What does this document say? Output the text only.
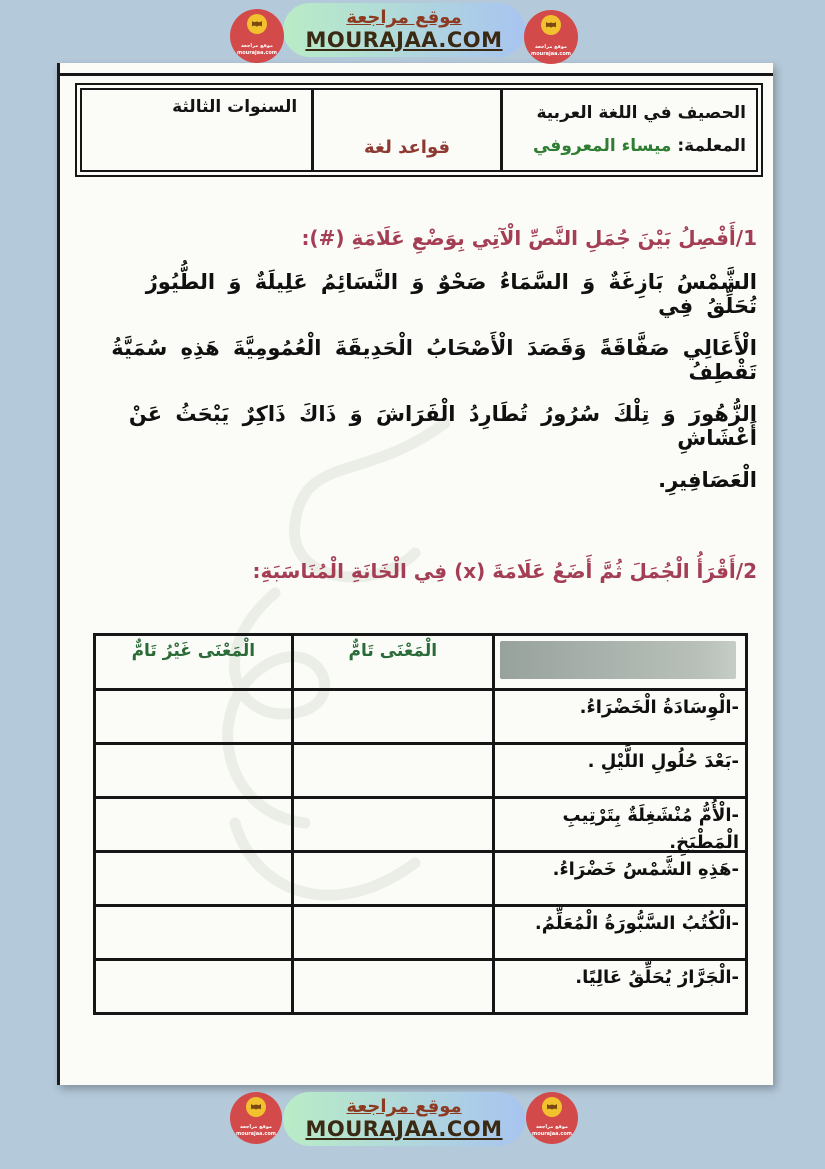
موقع مراجعة
mourajaa.com
موقع مراجعة
MOURAJAA.COM	موقع مراجعة
mourajaa.com
الحصيف في اللغة العربية
المعلمة: ميساء المعروفي
قواعد لغة
السنوات الثالثة
1/أَفْصِلُ بَيْنَ جُمَلِ النَّصِّ الْآتِي بِوَضْعِ عَلَامَةِ (#):
الشَّمْسُ بَازِغَةٌ وَ السَّمَاءُ صَحْوٌ وَ النَّسَائِمُ عَلِيلَةٌ وَ الطُّيُورُ تُحَلِّقُ فِي
الْأَعَالِي صَفَّاقَةً وَقَصَدَ الْأَصْحَابُ الْحَدِيقَةَ الْعُمُومِيَّةَ هَذِهِ سُمَيَّةُ تَقْطِفُ
الزُّهُورَ وَ تِلْكَ سُرُورُ تُطَارِدُ الْفَرَاشَ وَ ذَاكَ ذَاكِرٌ يَبْحَثُ عَنْ أَعْشَاشِ
الْعَصَافِيرِ.
2/أَقْرَأُ الْجُمَلَ ثُمَّ أَضَعُ عَلَامَةَ (x) فِي الْخَانَةِ الْمُنَاسَبَةِ:
الْمَعْنَى تَامٌّ
الْمَعْنَى غَيْرُ تَامٌّ
-الْوِسَادَةُ الْخَضْرَاءُ.
-بَعْدَ حُلُولِ اللَّيْلِ .
-الْأُمُّ مُنْشَغِلَةٌ بِتَرْتِيبِ الْمَطْبَخِ.
-هَذِهِ الشَّمْسُ خَضْرَاءُ.
-الْكُتُبُ السَّبُّورَةُ الْمُعَلِّمُ.
-الْجَرَّارُ يُحَلِّقُ عَالِيًا.
موقع مراجعة
mourajaa.com
موقع مراجعة
MOURAJAA.COM	موقع مراجعة
mourajaa.com
